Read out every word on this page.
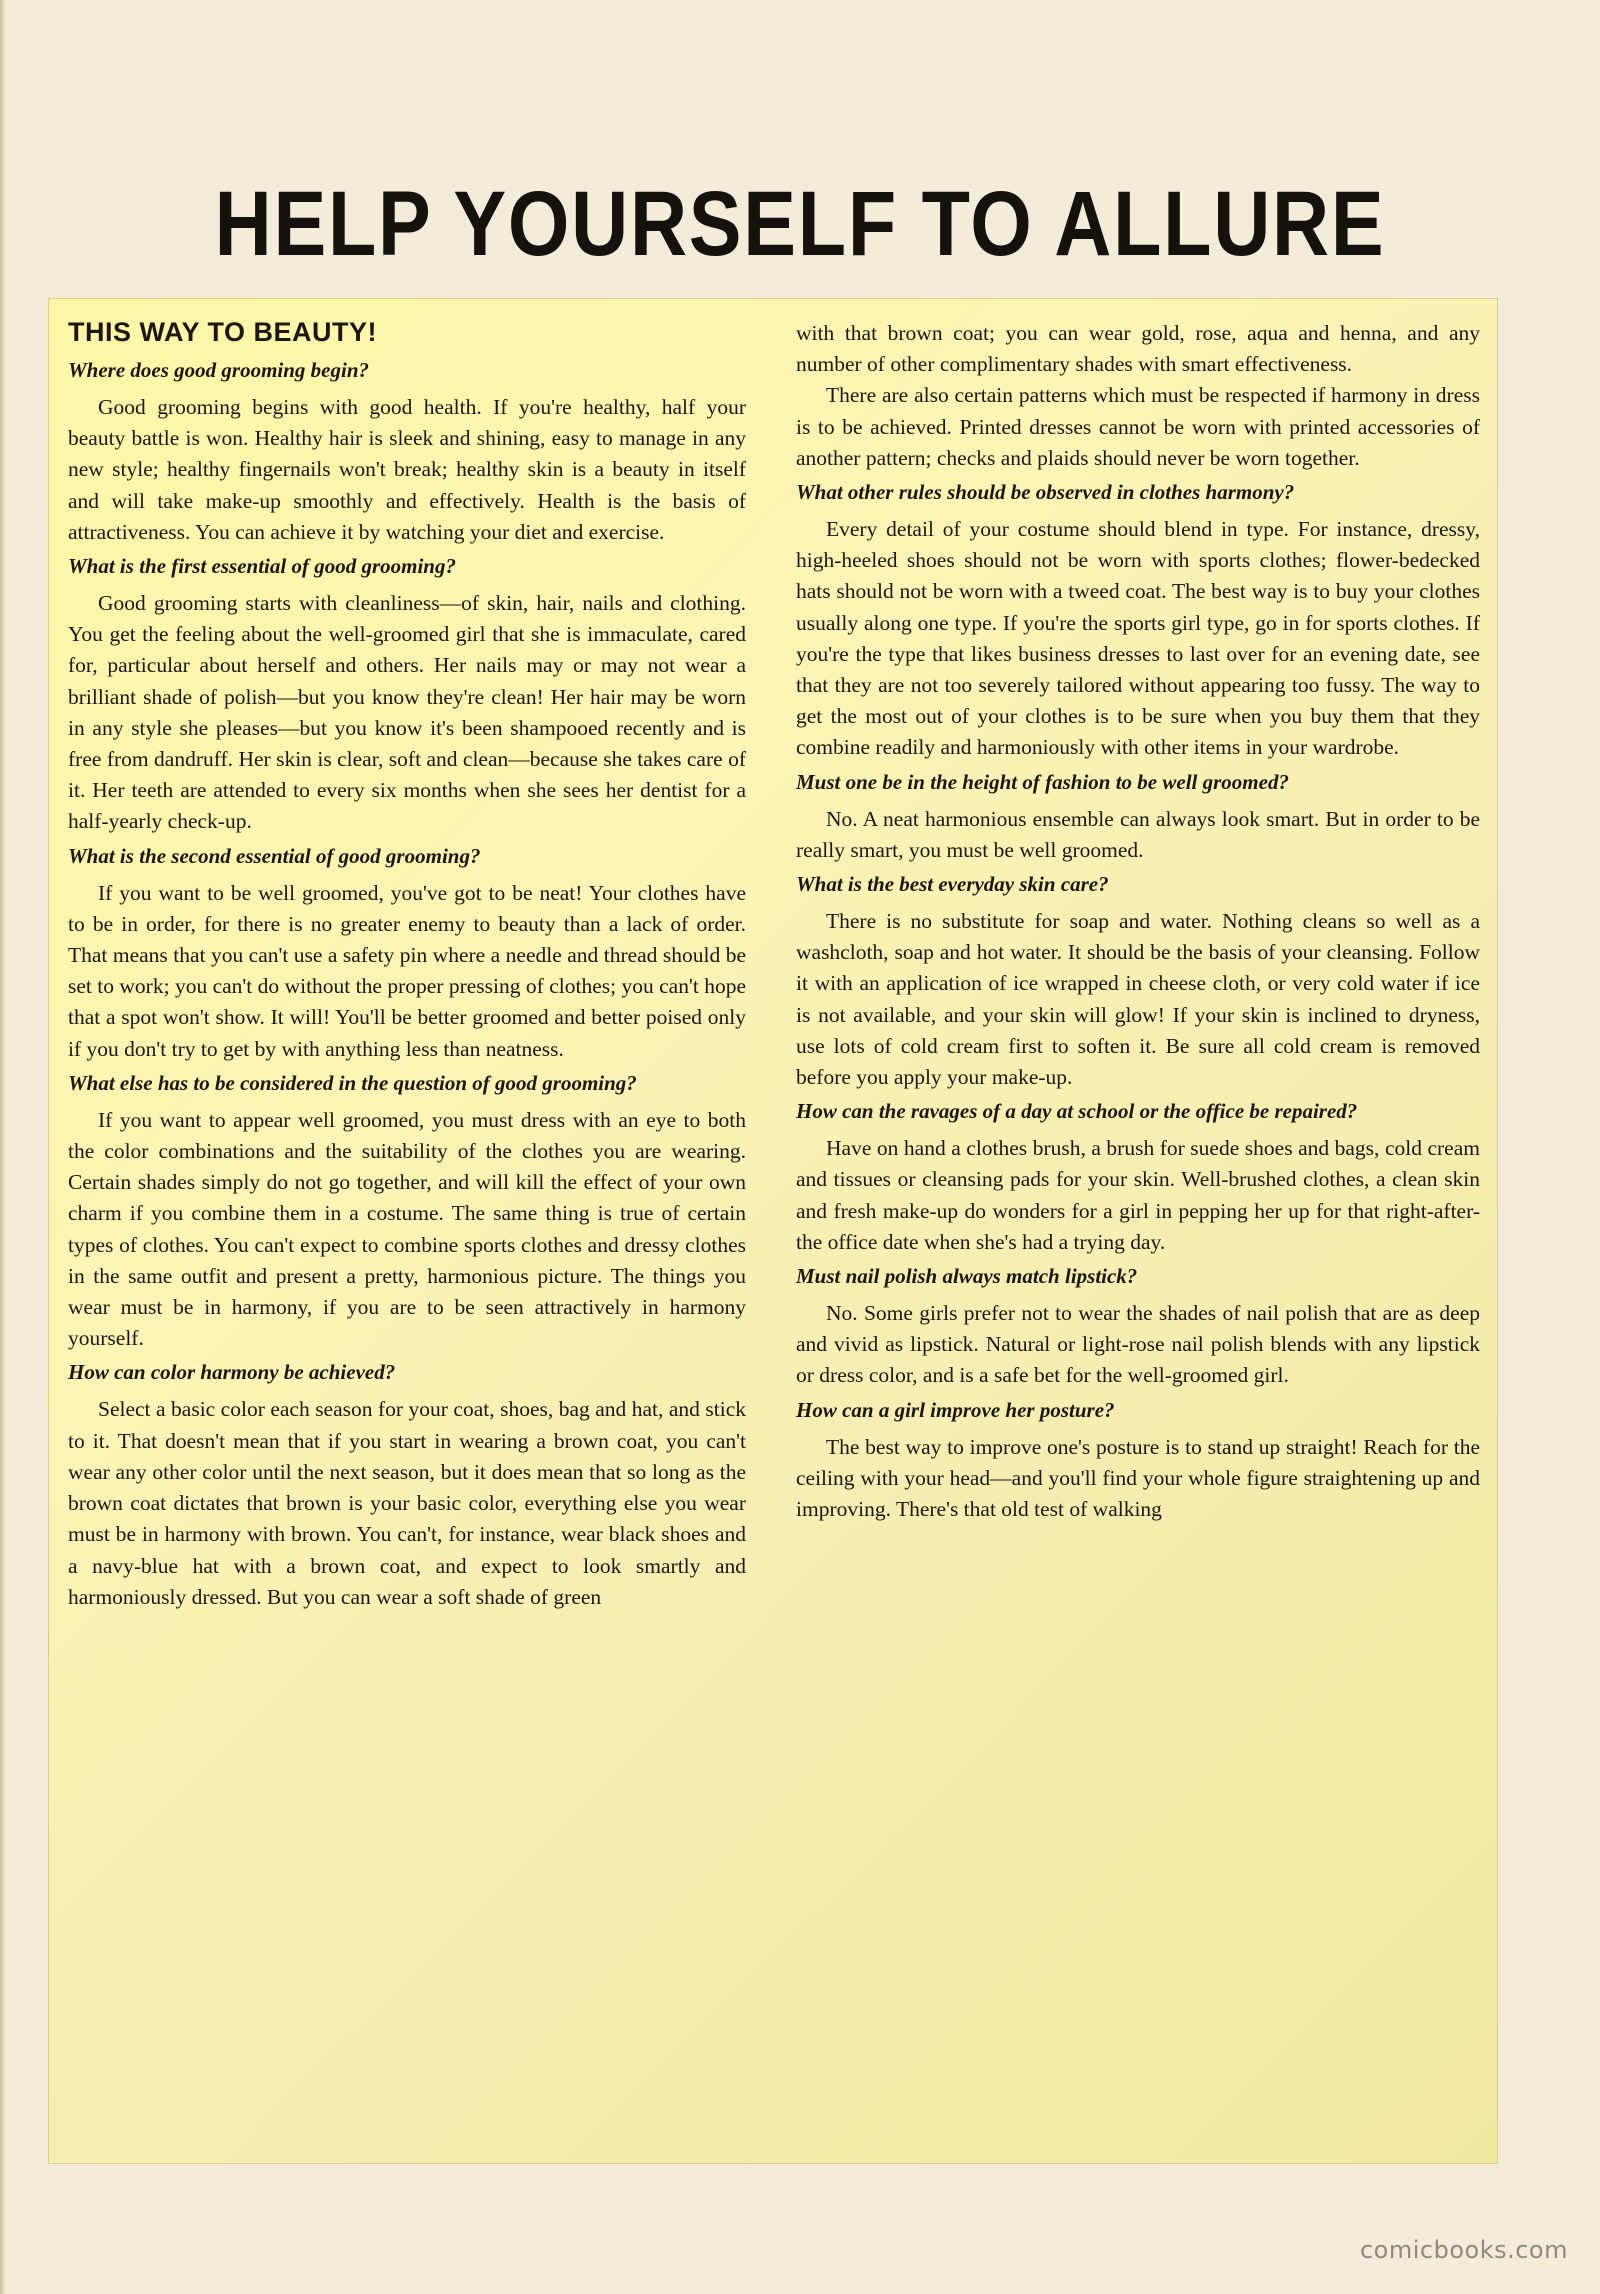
HELP YOURSELF TO ALLURE
THIS WAY TO BEAUTY!
Where does good grooming begin?

Good grooming begins with good health. If you're healthy, half your beauty battle is won. Healthy hair is sleek and shining, easy to manage in any new style; healthy fingernails won't break; healthy skin is a beauty in itself and will take make-up smoothly and effectively. Health is the basis of attractiveness. You can achieve it by watching your diet and exercise.

What is the first essential of good grooming?

Good grooming starts with cleanliness—of skin, hair, nails and clothing. You get the feeling about the well-groomed girl that she is immaculate, cared for, particular about herself and others. Her nails may or may not wear a brilliant shade of polish—but you know they're clean! Her hair may be worn in any style she pleases—but you know it's been shampooed recently and is free from dandruff. Her skin is clear, soft and clean—because she takes care of it. Her teeth are attended to every six months when she sees her dentist for a half-yearly check-up.

What is the second essential of good grooming?

If you want to be well groomed, you've got to be neat! Your clothes have to be in order, for there is no greater enemy to beauty than a lack of order. That means that you can't use a safety pin where a needle and thread should be set to work; you can't do without the proper pressing of clothes; you can't hope that a spot won't show. It will! You'll be better groomed and better poised only if you don't try to get by with anything less than neatness.

What else has to be considered in the question of good grooming?

If you want to appear well groomed, you must dress with an eye to both the color combinations and the suitability of the clothes you are wearing. Certain shades simply do not go together, and will kill the effect of your own charm if you combine them in a costume. The same thing is true of certain types of clothes. You can't expect to combine sports clothes and dressy clothes in the same outfit and present a pretty, harmonious picture. The things you wear must be in harmony, if you are to be seen attractively in harmony yourself.

How can color harmony be achieved?

Select a basic color each season for your coat, shoes, bag and hat, and stick to it. That doesn't mean that if you start in wearing a brown coat, you can't wear any other color until the next season, but it does mean that so long as the brown coat dictates that brown is your basic color, everything else you wear must be in harmony with brown. You can't, for instance, wear black shoes and a navy-blue hat with a brown coat, and expect to look smartly and harmoniously dressed. But you can wear a soft shade of green

with that brown coat; you can wear gold, rose, aqua and henna, and any number of other complimentary shades with smart effectiveness.

There are also certain patterns which must be respected if harmony in dress is to be achieved. Printed dresses cannot be worn with printed accessories of another pattern; checks and plaids should never be worn together.

What other rules should be observed in clothes harmony?

Every detail of your costume should blend in type. For instance, dressy, high-heeled shoes should not be worn with sports clothes; flower-bedecked hats should not be worn with a tweed coat. The best way is to buy your clothes usually along one type. If you're the sports girl type, go in for sports clothes. If you're the type that likes business dresses to last over for an evening date, see that they are not too severely tailored without appearing too fussy. The way to get the most out of your clothes is to be sure when you buy them that they combine readily and harmoniously with other items in your wardrobe.

Must one be in the height of fashion to be well groomed?

No. A neat harmonious ensemble can always look smart. But in order to be really smart, you must be well groomed.

What is the best everyday skin care?

There is no substitute for soap and water. Nothing cleans so well as a washcloth, soap and hot water. It should be the basis of your cleansing. Follow it with an application of ice wrapped in cheese cloth, or very cold water if ice is not available, and your skin will glow! If your skin is inclined to dryness, use lots of cold cream first to soften it. Be sure all cold cream is removed before you apply your make-up.

How can the ravages of a day at school or the office be repaired?

Have on hand a clothes brush, a brush for suede shoes and bags, cold cream and tissues or cleansing pads for your skin. Well-brushed clothes, a clean skin and fresh make-up do wonders for a girl in pepping her up for that right-after-the office date when she's had a trying day.

Must nail polish always match lipstick?

No. Some girls prefer not to wear the shades of nail polish that are as deep and vivid as lipstick. Natural or light-rose nail polish blends with any lipstick or dress color, and is a safe bet for the well-groomed girl.

How can a girl improve her posture?

The best way to improve one's posture is to stand up straight! Reach for the ceiling with your head—and you'll find your whole figure straightening up and improving. There's that old test of walking

comicbooks.com
